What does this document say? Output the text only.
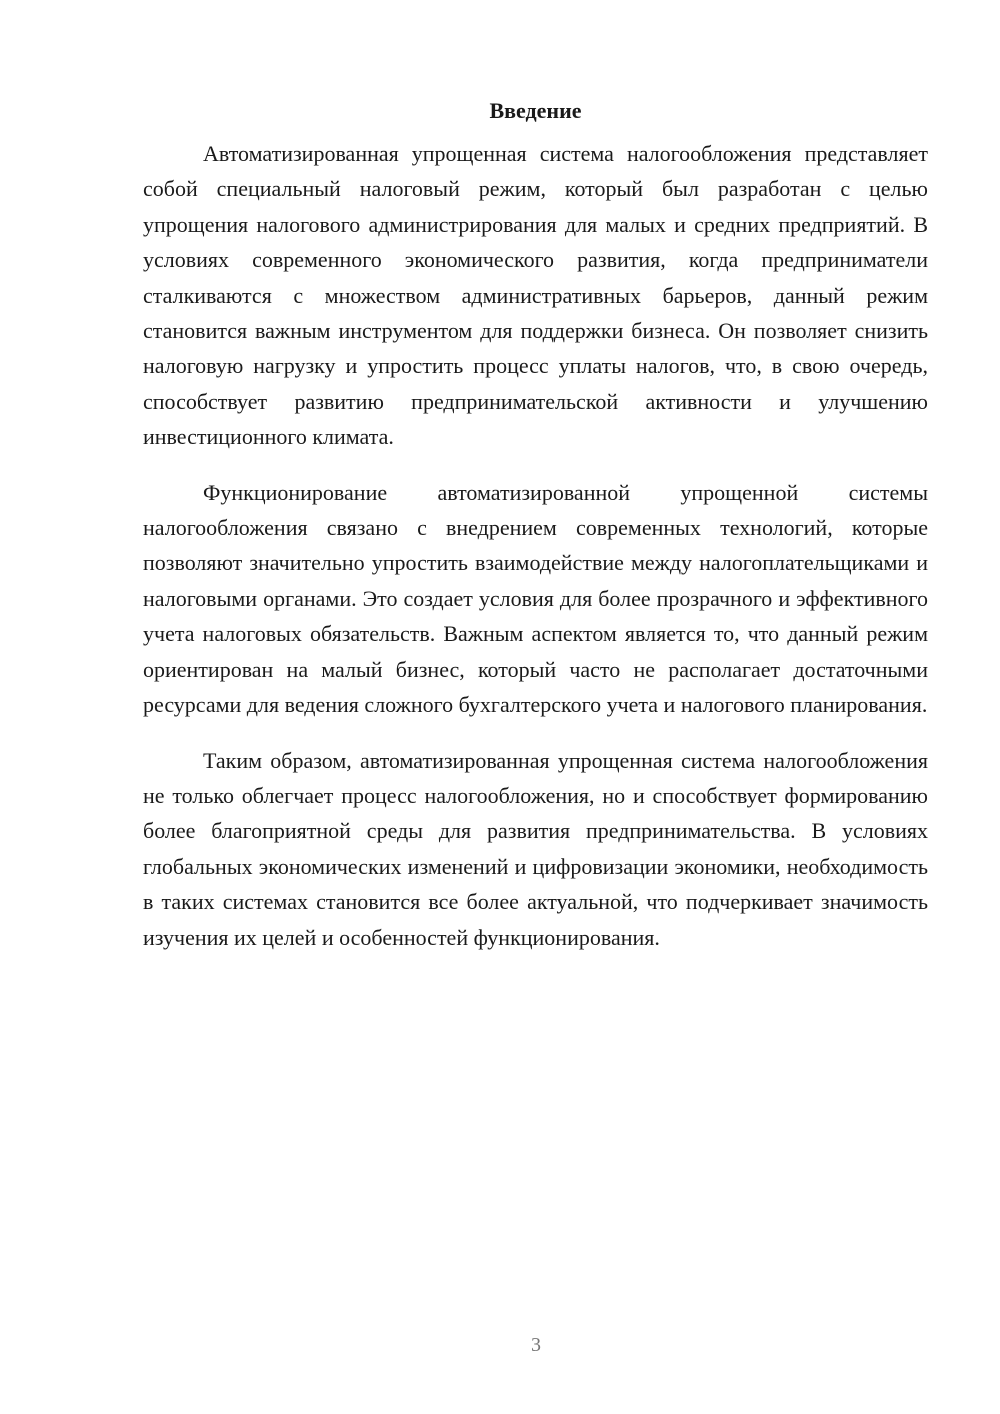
Введение

Автоматизированная упрощенная система налогообложения представляет собой специальный налоговый режим, который был разработан с целью упрощения налогового администрирования для малых и средних предприятий. В условиях современного экономического развития, когда предприниматели сталкиваются с множеством административных барьеров, данный режим становится важным инструментом для поддержки бизнеса. Он позволяет снизить налоговую нагрузку и упростить процесс уплаты налогов, что, в свою очередь, способствует развитию предпринимательской активности и улучшению инвестиционного климата.

Функционирование автоматизированной упрощенной системы налогообложения связано с внедрением современных технологий, которые позволяют значительно упростить взаимодействие между налогоплательщиками и налоговыми органами. Это создает условия для более прозрачного и эффективного учета налоговых обязательств. Важным аспектом является то, что данный режим ориентирован на малый бизнес, который часто не располагает достаточными ресурсами для ведения сложного бухгалтерского учета и налогового планирования.

Таким образом, автоматизированная упрощенная система налогообложения не только облегчает процесс налогообложения, но и способствует формированию более благоприятной среды для развития предпринимательства. В условиях глобальных экономических изменений и цифровизации экономики, необходимость в таких системах становится все более актуальной, что подчеркивает значимость изучения их целей и особенностей функционирования.

3
